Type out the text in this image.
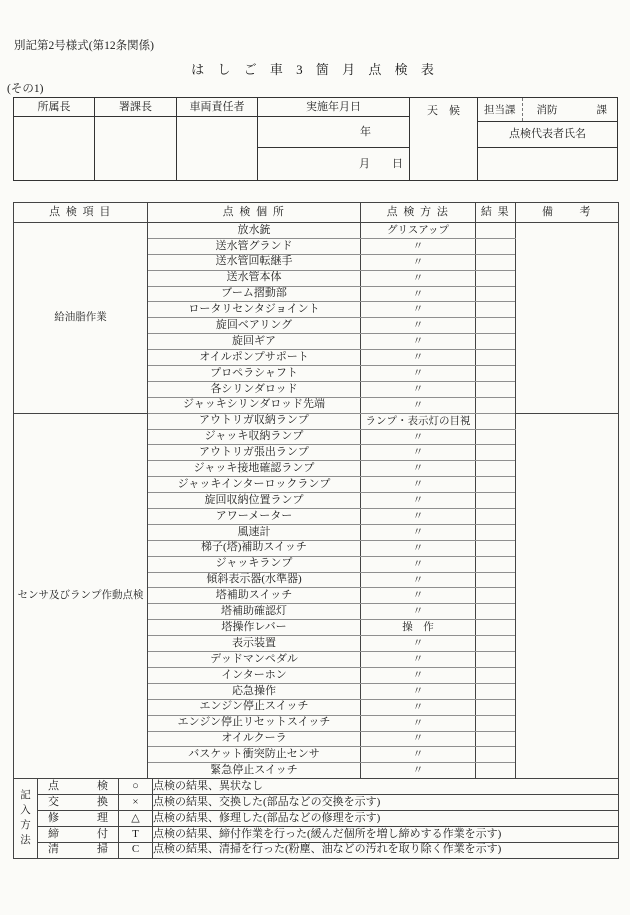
別記第2号様式(第12条関係)
は し ご 車 3 箇 月 点 検 表
(その1)
所属長	署課長	車両責任者	実施年月日
年
月　　日
天　候	担当課 消防	課
点検代表者氏名
点 検 項 目	点 検 個 所	点 検 方 法	結 果	備　　考
給油脂作業	放水銃	グリスアップ		
	送水管グランド	〃		
	送水管回転継手	〃		
	送水管本体	〃		
	ブーム摺動部	〃		
	ロータリセンタジョイント	〃		
	旋回ベアリング	〃		
	旋回ギア	〃		
	オイルポンプサポート	〃		
	プロペラシャフト	〃		
	各シリンダロッド	〃		
	ジャッキシリンダロッド先端	〃		
センサ及びランプ作動点検	アウトリガ収納ランプ	ランプ・表示灯の目視		
	ジャッキ収納ランプ	〃		
	アウトリガ張出ランプ	〃		
	ジャッキ接地確認ランプ	〃		
	ジャッキインターロックランプ	〃		
	旋回収納位置ランプ	〃		
	アワーメーター	〃		
	風速計	〃		
	梯子(塔)補助スイッチ	〃		
	ジャッキランプ	〃		
	傾斜表示器(水準器)	〃		
	塔補助スイッチ	〃		
	塔補助確認灯	〃		
	塔操作レバー	操　作		
	表示装置	〃		
	デッドマンペダル	〃		
	インターホン	〃		
	応急操作	〃		
	エンジン停止スイッチ	〃		
	エンジン停止リセットスイッチ	〃		
	オイルクーラ	〃		
	バスケット衝突防止センサ	〃		
	緊急停止スイッチ	〃		
記
入
方
法

点	検	○	点検の結果、異状なし

	交 換	×	点検の結果、交換した(部品などの交換を示す)

	修 理	△	点検の結果、修理した(部品などの修理を示す)

	締 付	T	点検の結果、締付作業を行った(緩んだ個所を増し締めする作業を示す)

	清 掃	C	点検の結果、清掃を行った(粉塵、油などの汚れを取り除く作業を示す)
